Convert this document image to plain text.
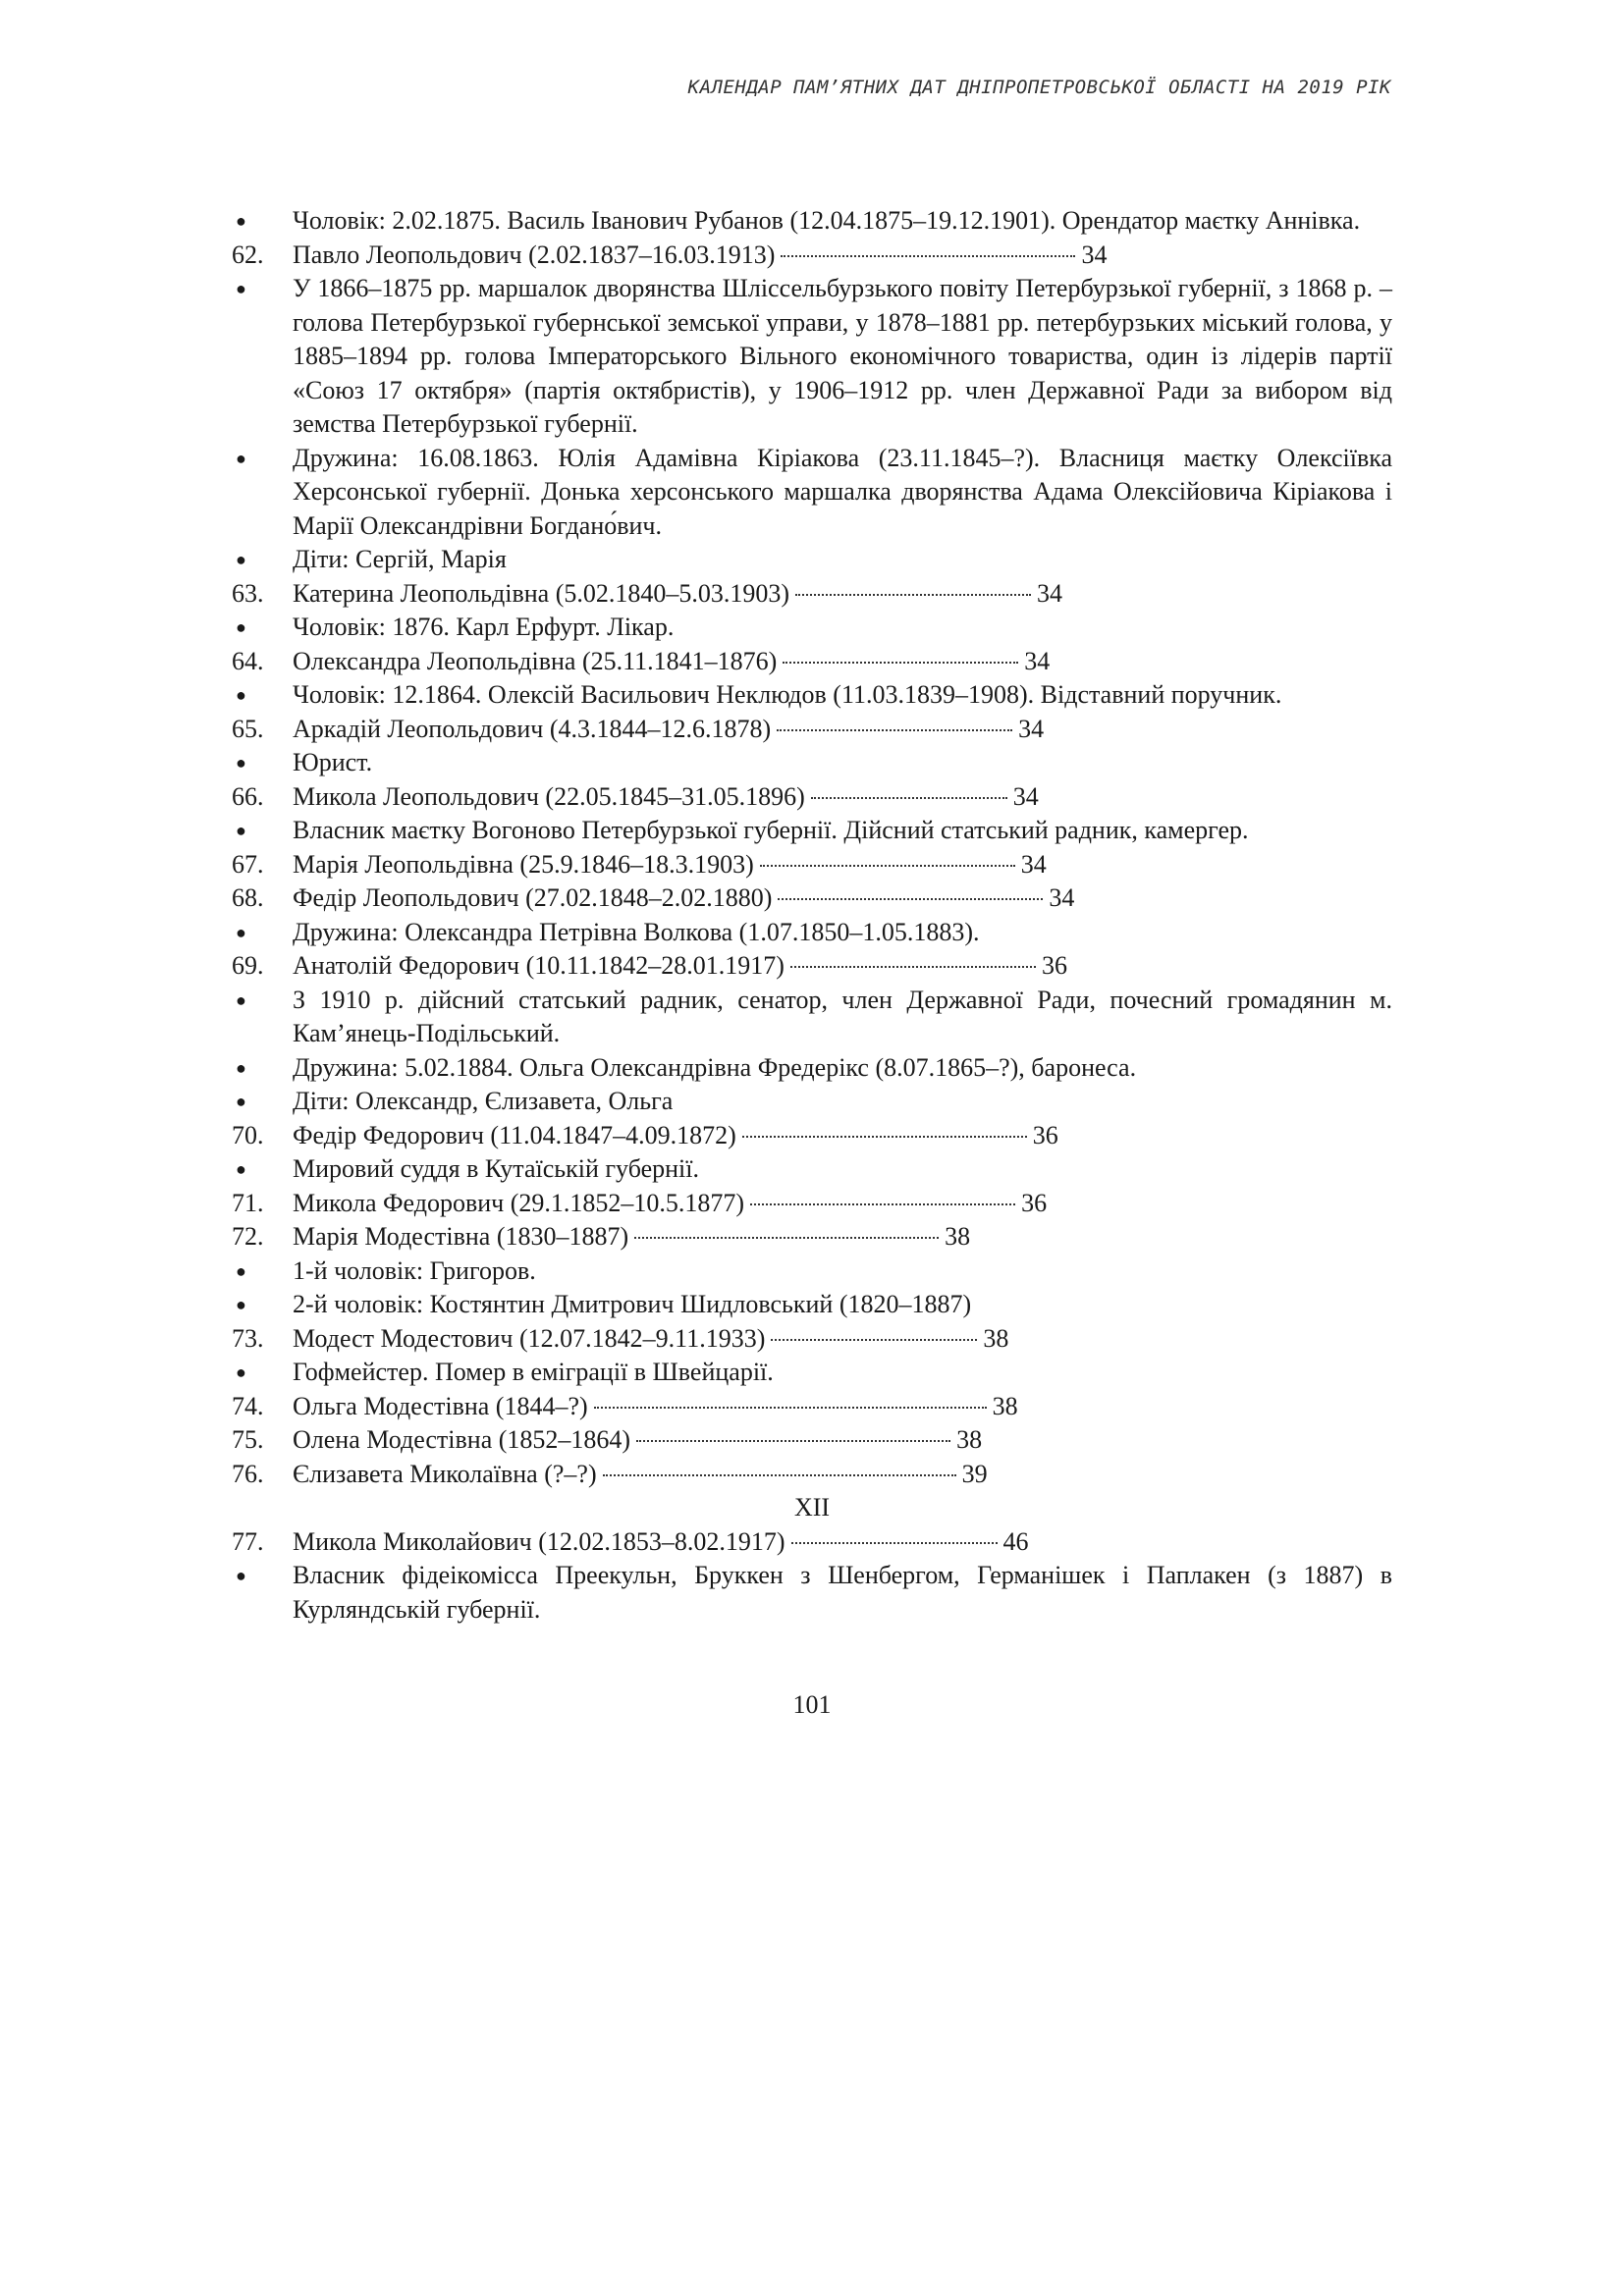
КАЛЕНДАР ПАМ’ЯТНИХ ДАТ ДНІПРОПЕТРОВСЬКОЇ ОБЛАСТІ НА 2019 РІК
●	Чоловік: 2.02.1875. Василь Іванович Рубанов (12.04.1875–19.12.1901). Орендатор маєтку Аннівка.
62.	Павло Леопольдович (2.02.1837–16.03.1913)	34
●	У 1866–1875 рр. маршалок дворянства Шліссельбурзького повіту Петербурзької губернії, з 1868 р. – голова Петербурзької губернської земської управи, у 1878–1881 рр. петербурзьких міський голова, у 1885–1894 рр. голова Імператорського Вільного економічного товариства, один із лідерів партії «Союз 17 октября» (партія октябристів), у 1906–1912 рр. член Державної Ради за вибором від земства Петербурзької губернії.
●	Дружина: 16.08.1863. Юлія Адамівна Кіріакова (23.11.1845–?). Власниця маєтку Олексіївка Херсонської губернії. Донька херсонського маршалка дворянства Адама Олексійовича Кіріакова і Марії Олександрівни Богдано́вич.
●	Діти: Сергій, Марія
63.	Катерина Леопольдівна (5.02.1840–5.03.1903)	34
●	Чоловік: 1876. Карл Ерфурт. Лікар.
64.	Олександра Леопольдівна (25.11.1841–1876)	34
●	Чоловік: 12.1864. Олексій Васильович Неклюдов (11.03.1839–1908). Відставний поручник.
65.	Аркадій Леопольдович (4.3.1844–12.6.1878)	34
●	Юрист.
66.	Микола Леопольдович (22.05.1845–31.05.1896)	34
●	Власник маєтку Вогоново Петербурзької губернії. Дійсний статський радник, камергер.
67.	Марія Леопольдівна (25.9.1846–18.3.1903)	34
68.	Федір Леопольдович (27.02.1848–2.02.1880)	34
●	Дружина: Олександра Петрівна Волкова (1.07.1850–1.05.1883).
69.	Анатолій Федорович (10.11.1842–28.01.1917)	36
●	З 1910 р. дійсний статський радник, сенатор, член Державної Ради, почесний громадянин м. Кам’янець-Подільський.
●	Дружина: 5.02.1884. Ольга Олександрівна Фредерікс (8.07.1865–?), баронеса.
●	Діти: Олександр, Єлизавета, Ольга
70.	Федір Федорович (11.04.1847–4.09.1872)	36
●	Мировий суддя в Кутаїській губернії.
71.	Микола Федорович (29.1.1852–10.5.1877)	36
72.	Марія Модестівна (1830–1887)	38
●	1-й чоловік: Григоров.
●	2-й чоловік: Костянтин Дмитрович Шидловський (1820–1887)
73.	Модест Модестович (12.07.1842–9.11.1933)	38
●	Гофмейстер. Помер в еміграції в Швейцарії.
74.	Ольга Модестівна (1844–?)	38
75.	Олена Модестівна (1852–1864)	38
76.	Єлизавета Миколаївна (?–?)	39
XII
77.	Микола Миколайович (12.02.1853–8.02.1917)	46
●	Власник фідеікомісса Преекульн, Бруккен з Шенбергом, Германішек і Паплакен (з 1887) в Курляндській губернії.
101
